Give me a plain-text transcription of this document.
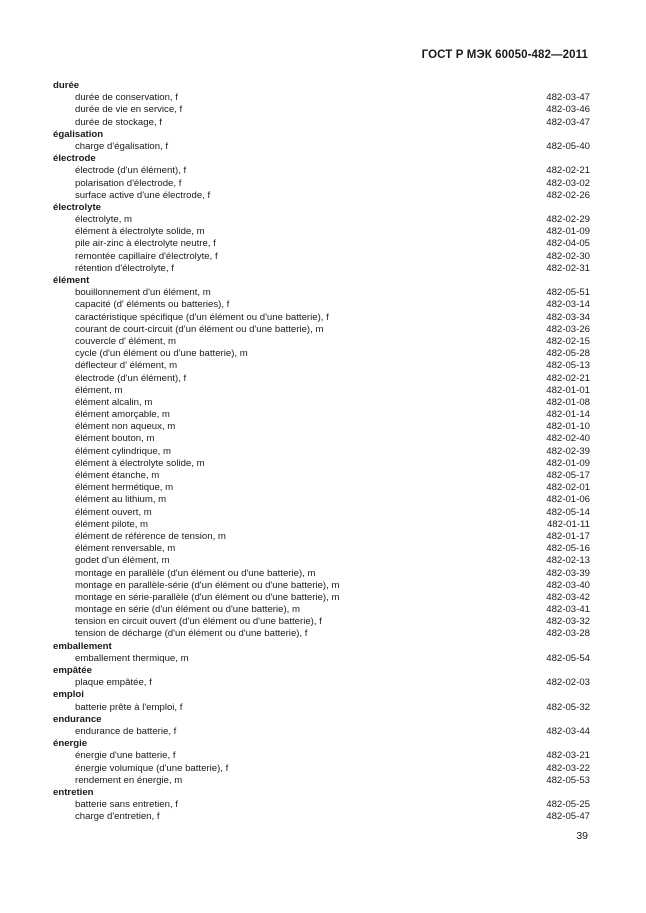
ГОСТ Р МЭК 60050-482—2011
durée
durée de conservation, f	482-03-47
durée de vie en service, f	482-03-46
durée de stockage, f	482-03-47
égalisation
charge d'égalisation, f	482-05-40
électrode
électrode (d'un élément), f	482-02-21
polarisation d'électrode, f	482-03-02
surface active d'une électrode, f	482-02-26
électrolyte
électrolyte, m	482-02-29
élément à électrolyte solide, m	482-01-09
pile air-zinc à électrolyte neutre, f	482-04-05
remontée capillaire d'électrolyte, f	482-02-30
rétention d'électrolyte, f	482-02-31
élément
bouillonnement d'un élément, m	482-05-51
capacité (d' éléments ou batteries), f	482-03-14
caractéristique spécifique (d'un élément ou d'une batterie), f	482-03-34
courant de court-circuit (d'un élément ou d'une batterie), m	482-03-26
couvercle d' élément, m	482-02-15
cycle (d'un élément ou d'une batterie), m	482-05-28
déflecteur d' élément, m	482-05-13
électrode (d'un élément), f	482-02-21
élément, m	482-01-01
élément alcalin, m	482-01-08
élément amorçable, m	482-01-14
élément non aqueux, m	482-01-10
élément bouton, m	482-02-40
élément cylindrique, m	482-02-39
élément à électrolyte solide, m	482-01-09
élément étanche, m	482-05-17
élément hermétique, m	482-02-01
élément au lithium, m	482-01-06
élément ouvert, m	482-05-14
élément pilote, m	482-01-11
élément de référence de tension, m	482-01-17
élément renversable, m	482-05-16
godet d'un élément, m	482-02-13
montage en parallèle (d'un élément ou d'une batterie), m	482-03-39
montage en parallèle-série (d'un élément ou d'une batterie), m	482-03-40
montage en série-parallèle (d'un élément ou d'une batterie), m	482-03-42
montage en série (d'un élément ou d'une batterie), m	482-03-41
tension en circuit ouvert (d'un élément ou d'une batterie), f	482-03-32
tension de décharge (d'un élément ou d'une batterie), f	482-03-28
emballement
emballement thermique, m	482-05-54
empâtée
plaque empâtée, f	482-02-03
emploi
batterie prête à l'emploi, f	482-05-32
endurance
endurance de batterie, f	482-03-44
énergie
énergie d'une batterie, f	482-03-21
énergie volumique (d'une batterie), f	482-03-22
rendement en énergie, m	482-05-53
entretien
batterie sans entretien, f	482-05-25
charge d'entretien, f	482-05-47
39
